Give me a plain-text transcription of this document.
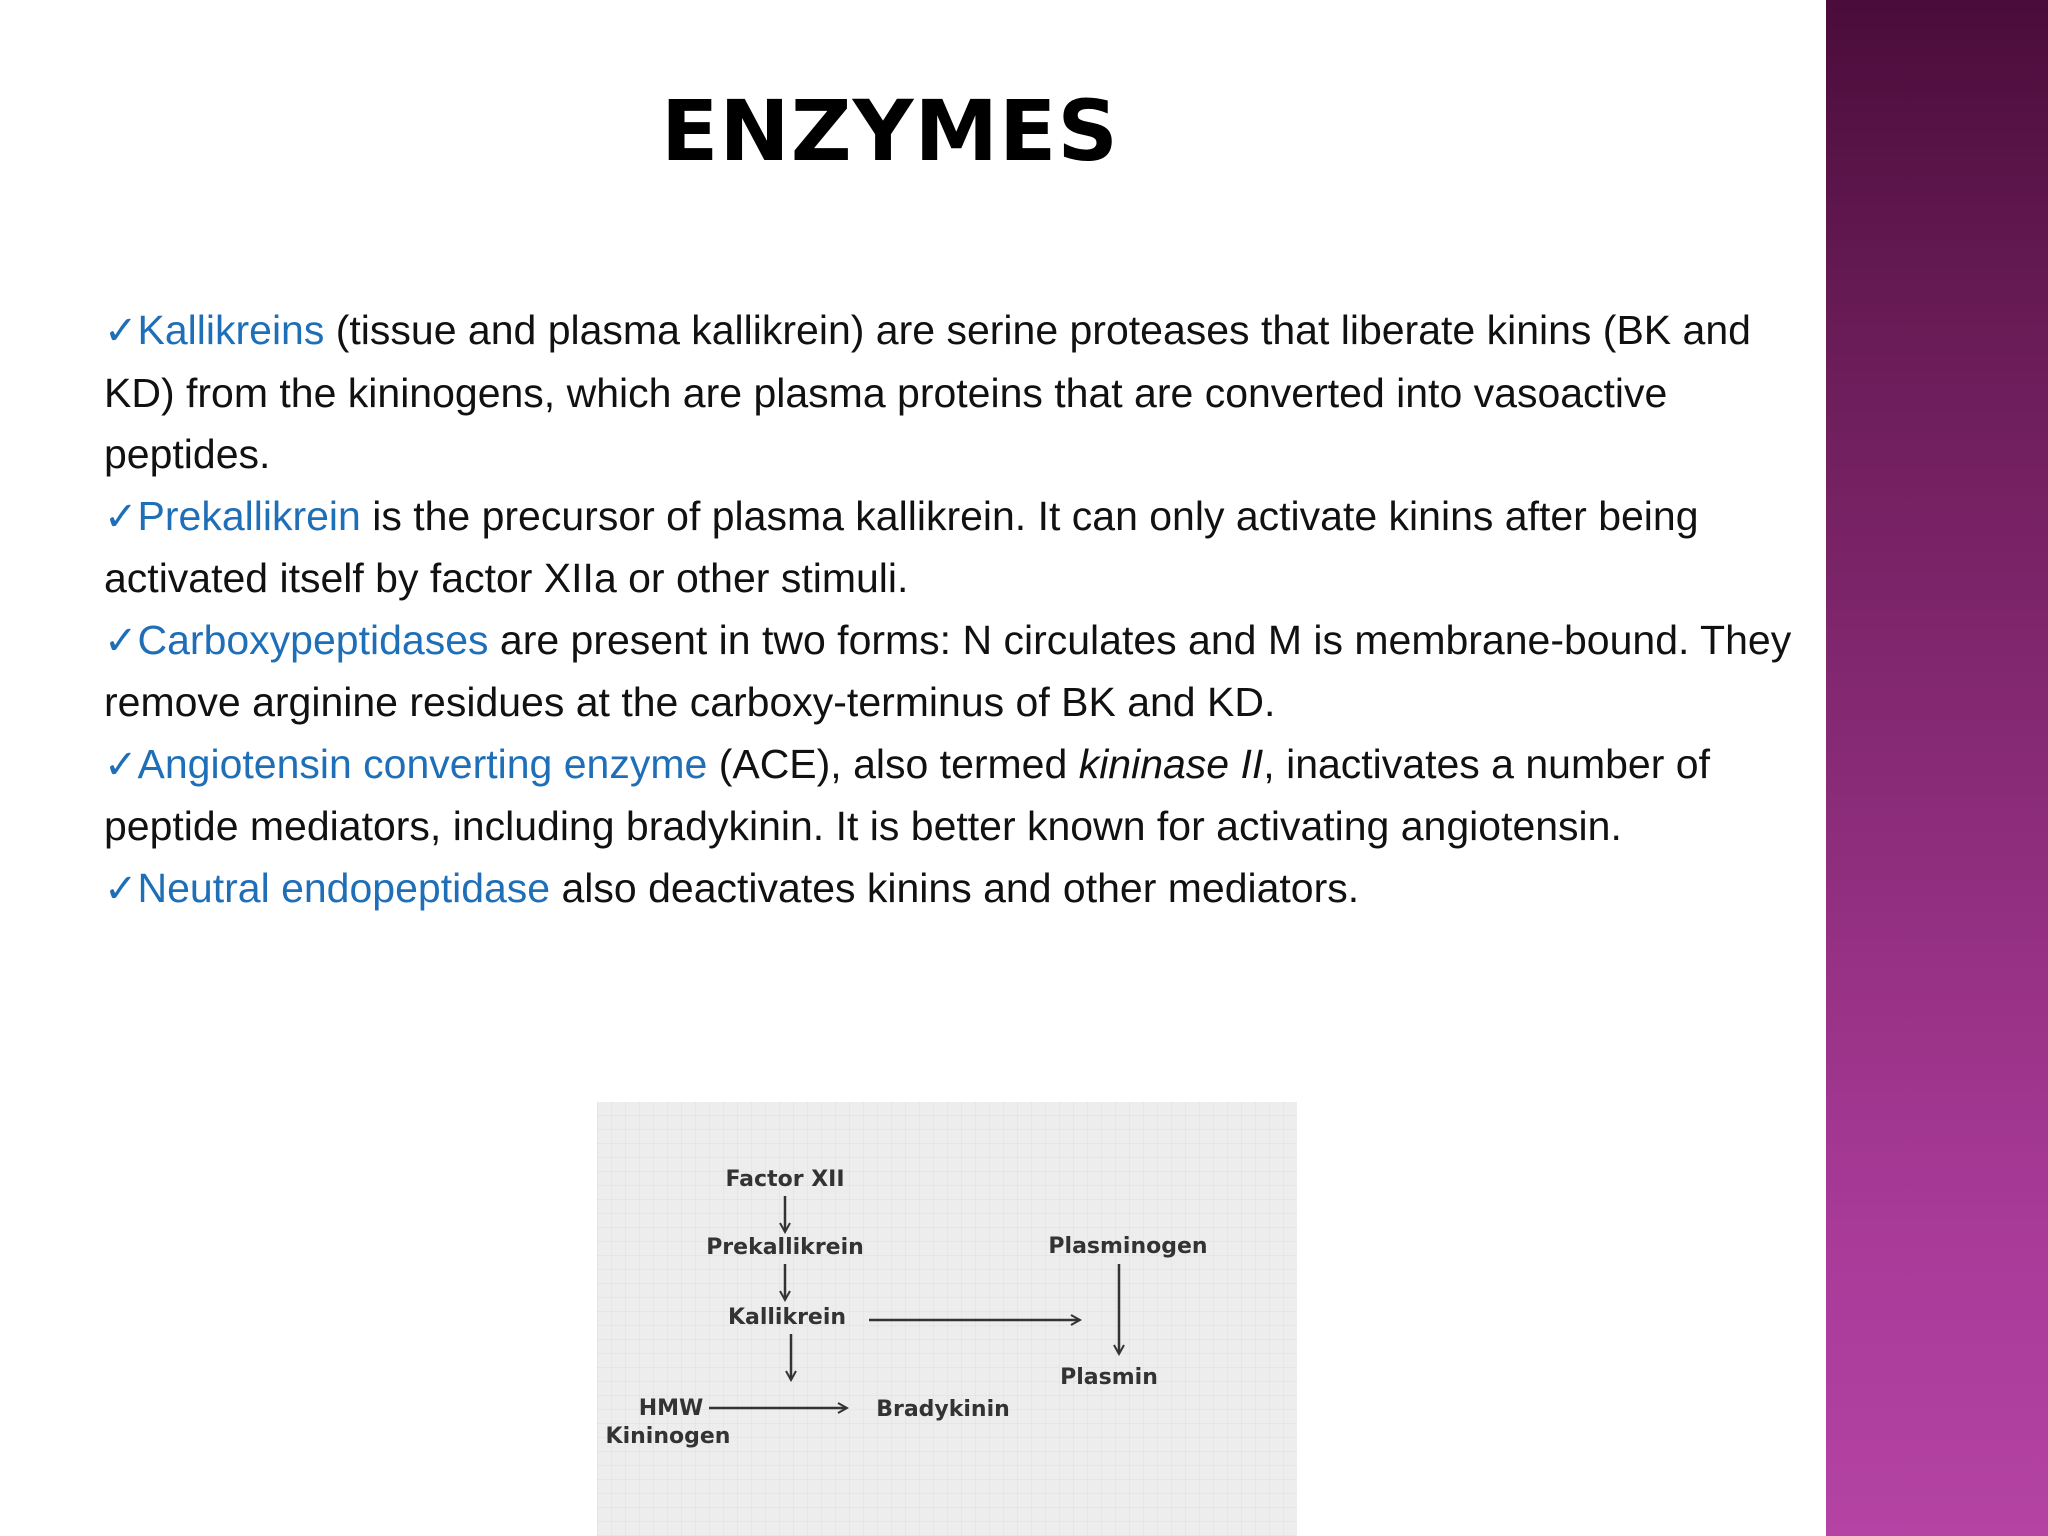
ENZYMES

✓Kallikreins (tissue and plasma kallikrein) are serine proteases that liberate kinins (BK and KD) from the kininogens, which are plasma proteins that are converted into vasoactive peptides.

✓Prekallikrein is the precursor of plasma kallikrein. It can only activate kinins after being activated itself by factor XIIa or other stimuli.

✓Carboxypeptidases are present in two forms: N circulates and M is membrane-bound. They remove arginine residues at the carboxy-terminus of BK and KD.

✓Angiotensin converting enzyme (ACE), also termed kininase II, inactivates a number of peptide mediators, including bradykinin. It is better known for activating angiotensin.

✓Neutral endopeptidase also deactivates kinins and other mediators.

Factor XII
Prekallikrein
Kallikrein
Plasminogen
Plasmin
HMW
Kininogen
Bradykinin
